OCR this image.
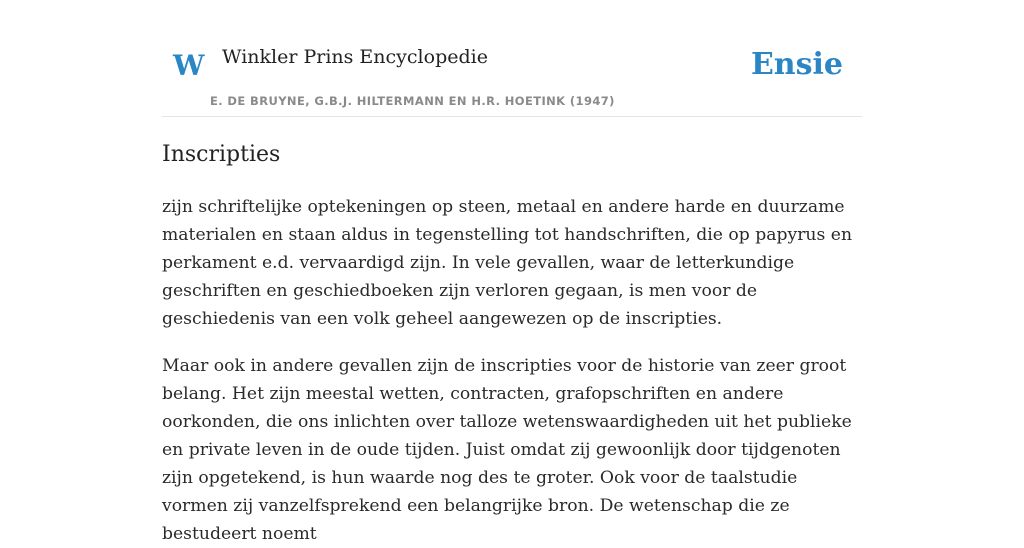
W Winkler Prins Encyclopedie
E. DE BRUYNE, G.B.J. HILTERMANN EN H.R. HOETINK (1947)
Ensie
Inscripties

zijn schriftelijke optekeningen op steen, metaal en andere harde en duurzame materialen en staan aldus in tegenstelling tot handschriften, die op papyrus en perkament e.d. vervaardigd zijn. In vele gevallen, waar de letterkundige geschriften en geschiedboeken zijn verloren gegaan, is men voor de geschiedenis van een volk geheel aangewezen op de inscripties.

Maar ook in andere gevallen zijn de inscripties voor de historie van zeer groot belang. Het zijn meestal wetten, contracten, grafopschriften en andere oorkonden, die ons inlichten over talloze wetenswaardigheden uit het publieke en private leven in de oude tijden. Juist omdat zij gewoonlijk door tijdgenoten zijn opgetekend, is hun waarde nog des te groter. Ook voor de taalstudie vormen zij vanzelfsprekend een belangrijke bron. De wetenschap die ze bestudeert noemt
